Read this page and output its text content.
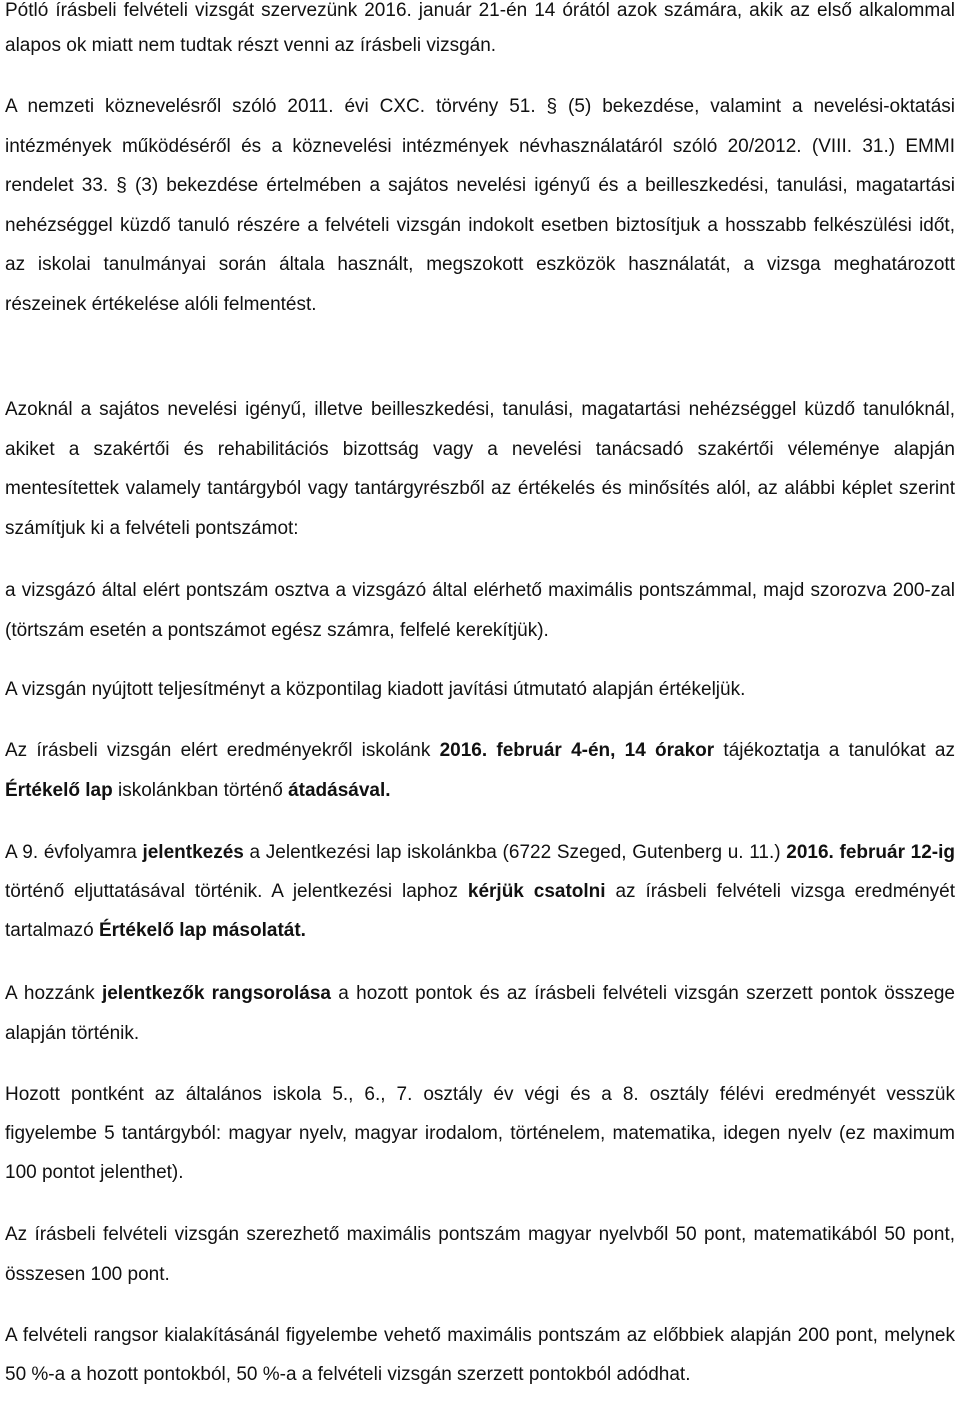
Pótló írásbeli felvételi vizsgát szervezünk 2016. január 21-én 14 órától azok számára, akik az első alkalommal alapos ok miatt nem tudtak részt venni az írásbeli vizsgán.

A nemzeti köznevelésről szóló 2011. évi CXC. törvény 51. § (5) bekezdése, valamint a nevelési-oktatási intézmények működéséről és a köznevelési intézmények névhasználatáról szóló 20/2012. (VIII. 31.) EMMI rendelet 33. § (3) bekezdése értelmében a sajátos nevelési igényű és a beilleszkedési, tanulási, magatartási nehézséggel küzdő tanuló részére a felvételi vizsgán indokolt esetben biztosítjuk a hosszabb felkészülési időt, az iskolai tanulmányai során általa használt, megszokott eszközök használatát, a vizsga meghatározott részeinek értékelése alóli felmentést.

Azoknál a sajátos nevelési igényű, illetve beilleszkedési, tanulási, magatartási nehézséggel küzdő tanulóknál, akiket a szakértői és rehabilitációs bizottság vagy a nevelési tanácsadó szakértői véleménye alapján mentesítettek valamely tantárgyból vagy tantárgyrészből az értékelés és minősítés alól, az alábbi képlet szerint számítjuk ki a felvételi pontszámot:

a vizsgázó által elért pontszám osztva a vizsgázó által elérhető maximális pontszámmal, majd szorozva 200-zal (törtszám esetén a pontszámot egész számra, felfelé kerekítjük).

A vizsgán nyújtott teljesítményt a központilag kiadott javítási útmutató alapján értékeljük.

Az írásbeli vizsgán elért eredményekről iskolánk 2016. február 4-én, 14 órakor tájékoztatja a tanulókat az Értékelő lap iskolánkban történő átadásával.

A 9. évfolyamra jelentkezés a Jelentkezési lap iskolánkba (6722 Szeged, Gutenberg u. 11.) 2016. február 12-ig történő eljuttatásával történik. A jelentkezési laphoz kérjük csatolni az írásbeli felvételi vizsga eredményét tartalmazó Értékelő lap másolatát.

A hozzánk jelentkezők rangsorolása a hozott pontok és az írásbeli felvételi vizsgán szerzett pontok összege alapján történik.

Hozott pontként az általános iskola 5., 6., 7. osztály év végi és a 8. osztály félévi eredményét vesszük figyelembe 5 tantárgyból: magyar nyelv, magyar irodalom, történelem, matematika, idegen nyelv (ez maximum 100 pontot jelenthet).

Az írásbeli felvételi vizsgán szerezhető maximális pontszám magyar nyelvből 50 pont, matematikából 50 pont, összesen 100 pont.

A felvételi rangsor kialakításánál figyelembe vehető maximális pontszám az előbbiek alapján 200 pont, melynek 50 %-a a hozott pontokból, 50 %-a a felvételi vizsgán szerzett pontokból adódhat.
